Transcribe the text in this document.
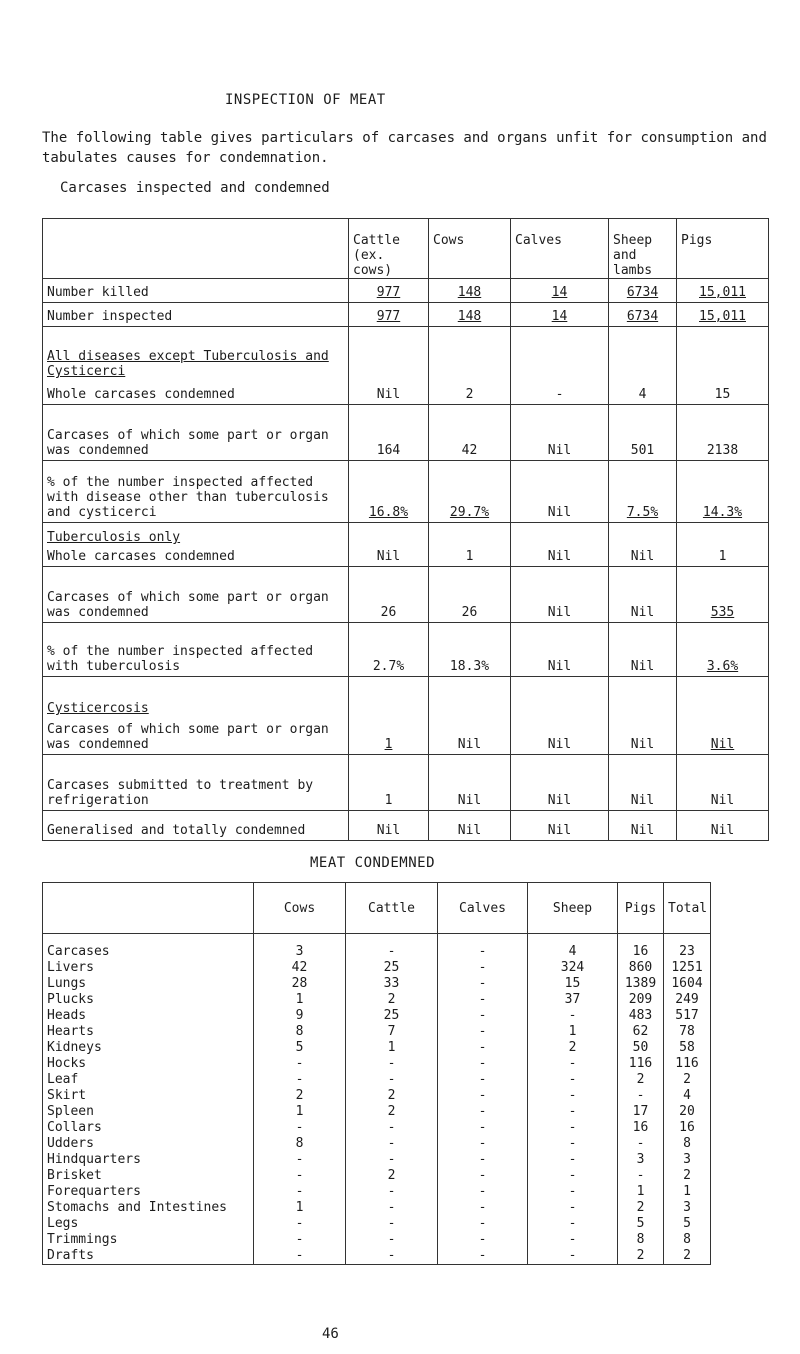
INSPECTION OF MEAT

The following table gives particulars of carcases and organs unfit for consumption and tabulates causes for condemnation.

Carcases inspected and condemned

	Cattle (ex. cows)	Cows	Calves	Sheep and lambs	Pigs
Number killed	977	148	14	6734	15,011
Number inspected	977	148	14	6734	15,011

All diseases except Tuberculosis and Cysticerci
Whole carcases condemned	Nil	2	-	4	15
Carcases of which some part or organ was condemned	164	42	Nil	501	2138
% of the number inspected affected with disease other than tuberculosis and cysticerci	16.8%	29.7%	Nil	7.5%	14.3%

Tuberculosis only
Whole carcases condemned	Nil	1	Nil	Nil	1
Carcases of which some part or organ was condemned	26	26	Nil	Nil	535
% of the number inspected affected with tuberculosis	2.7%	18.3%	Nil	Nil	3.6%

Cysticercosis
Carcases of which some part or organ was condemned	1	Nil	Nil	Nil	Nil
Carcases submitted to treatment by refrigeration	1	Nil	Nil	Nil	Nil
Generalised and totally condemned	Nil	Nil	Nil	Nil	Nil
MEAT CONDEMNED
	Cows	Cattle	Calves	Sheep	Pigs	Total
Carcases	3	-	-	4	16	23
Livers	42	25	-	324	860	1251
Lungs	28	33	-	15	1389	1604
Plucks	1	2	-	37	209	249
Heads	9	25	-	-	483	517
Hearts	8	7	-	1	62	78
Kidneys	5	1	-	2	50	58
Hocks	-	-	-	-	116	116
Leaf	-	-	-	-	2	2
Skirt	2	2	-	-	-	4
Spleen	1	2	-	-	17	20
Collars	-	-	-	-	16	16
Udders	8	-	-	-	-	8
Hindquarters	-	-	-	-	3	3
Brisket	-	2	-	-	-	2
Forequarters	-	-	-	-	1	1
Stomachs and Intestines	1	-	-	-	2	3
Legs	-	-	-	-	5	5
Trimmings	-	-	-	-	8	8
Drafts	-	-	-	-	2	2

46
